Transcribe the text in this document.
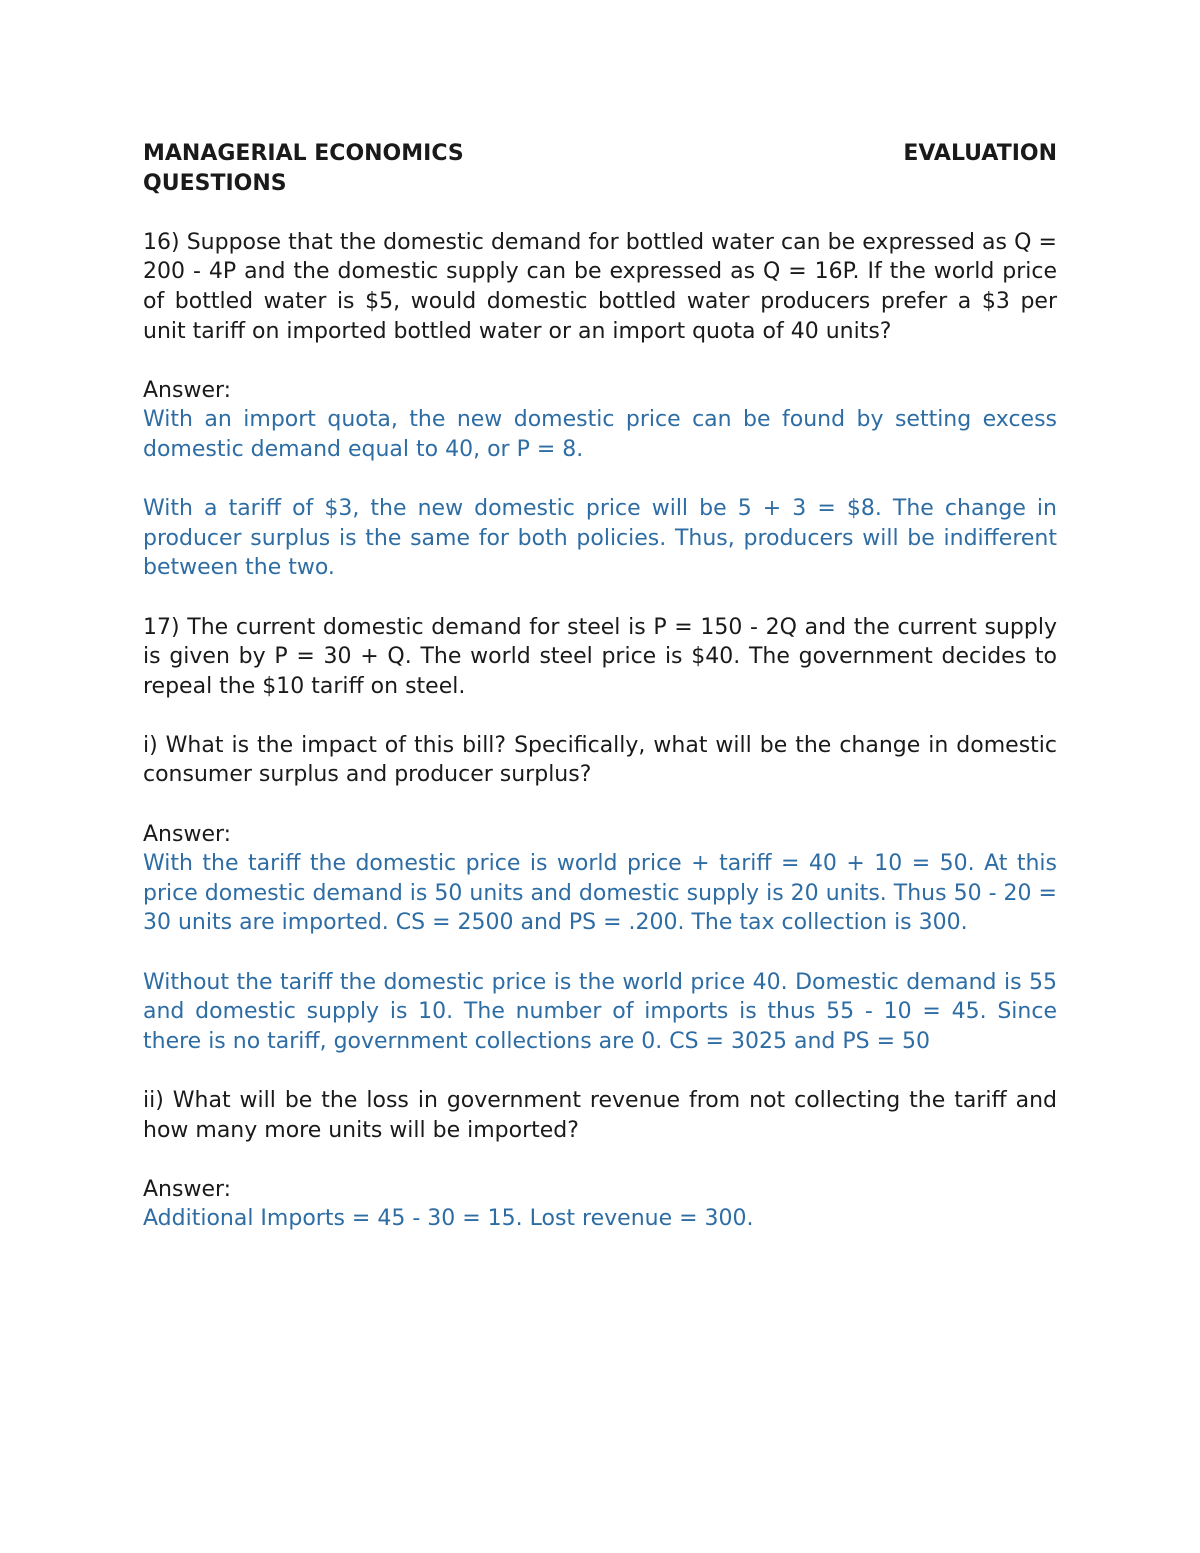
MANAGERIAL ECONOMICS	EVALUATION
QUESTIONS

16) Suppose that the domestic demand for bottled water can be expressed as Q = 200 - 4P and the domestic supply can be expressed as Q = 16P. If the world price of bottled water is $5, would domestic bottled water producers prefer a $3 per unit tariff on imported bottled water or an import quota of 40 units?

Answer:

With an import quota, the new domestic price can be found by setting excess domestic demand equal to 40, or P = 8.

With a tariff of $3, the new domestic price will be 5 + 3 = $8. The change in producer surplus is the same for both policies. Thus, producers will be indifferent between the two.

17) The current domestic demand for steel is P = 150 - 2Q and the current supply is given by P = 30 + Q. The world steel price is $40. The government decides to repeal the $10 tariff on steel.

i) What is the impact of this bill? Specifically, what will be the change in domestic consumer surplus and producer surplus?

Answer:

With the tariff the domestic price is world price + tariff = 40 + 10 = 50. At this price domestic demand is 50 units and domestic supply is 20 units. Thus 50 - 20 = 30 units are imported. CS = 2500 and PS = .200. The tax collection is 300.

Without the tariff the domestic price is the world price 40. Domestic demand is 55 and domestic supply is 10. The number of imports is thus 55 - 10 = 45. Since there is no tariff, government collections are 0. CS = 3025 and PS = 50

ii) What will be the loss in government revenue from not collecting the tariff and how many more units will be imported?

Answer:

Additional Imports = 45 - 30 = 15. Lost revenue = 300.
